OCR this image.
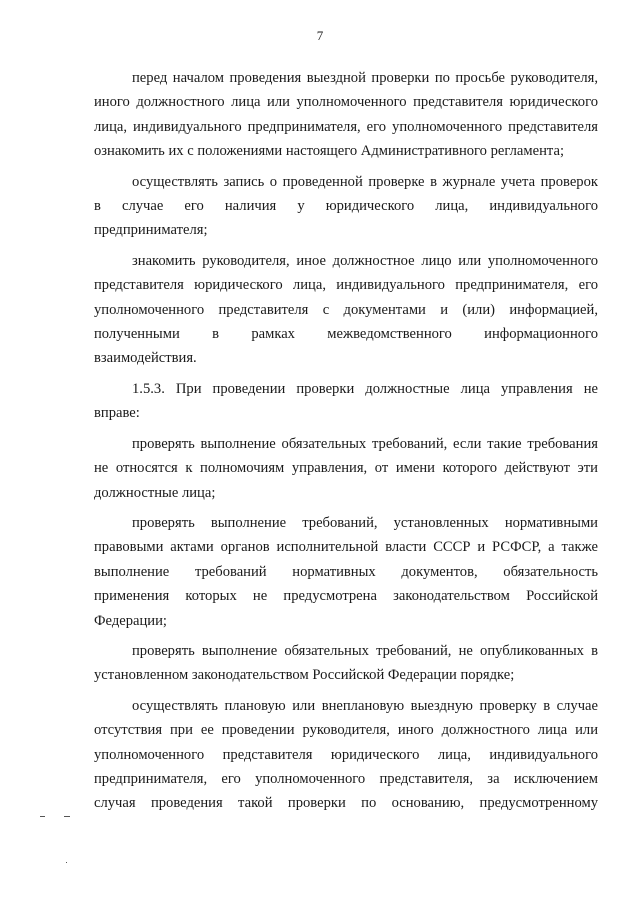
7

перед началом проведения выездной проверки по просьбе руководителя,
иного должностного лица или уполномоченного представителя юридического
лица, индивидуального предпринимателя, его уполномоченного представителя
ознакомить их с положениями настоящего Административного регламента;

осуществлять запись о проведенной проверке в журнале учета проверок
в случае его наличия у юридического лица, индивидуального
предпринимателя;

знакомить руководителя, иное должностное лицо или уполномоченного
представителя юридического лица, индивидуального предпринимателя, его
уполномоченного представителя с документами и (или) информацией,
полученными в рамках межведомственного информационного
взаимодействия.

1.5.3. При проведении проверки должностные лица управления не
вправе:

проверять выполнение обязательных требований, если такие требования
не относятся к полномочиям управления, от имени которого действуют эти
должностные лица;

проверять выполнение требований, установленных нормативными
правовыми актами органов исполнительной власти СССР и РСФСР, а также
выполнение требований нормативных документов, обязательность
применения которых не предусмотрена законодательством Российской
Федерации;

проверять выполнение обязательных требований, не опубликованных в
установленном законодательством Российской Федерации порядке;

осуществлять плановую или внеплановую выездную проверку в случае
отсутствия при ее проведении руководителя, иного должностного лица или
уполномоченного представителя юридического лица, индивидуального
предпринимателя, его уполномоченного представителя, за исключением
случая проведения такой проверки по основанию, предусмотренному
